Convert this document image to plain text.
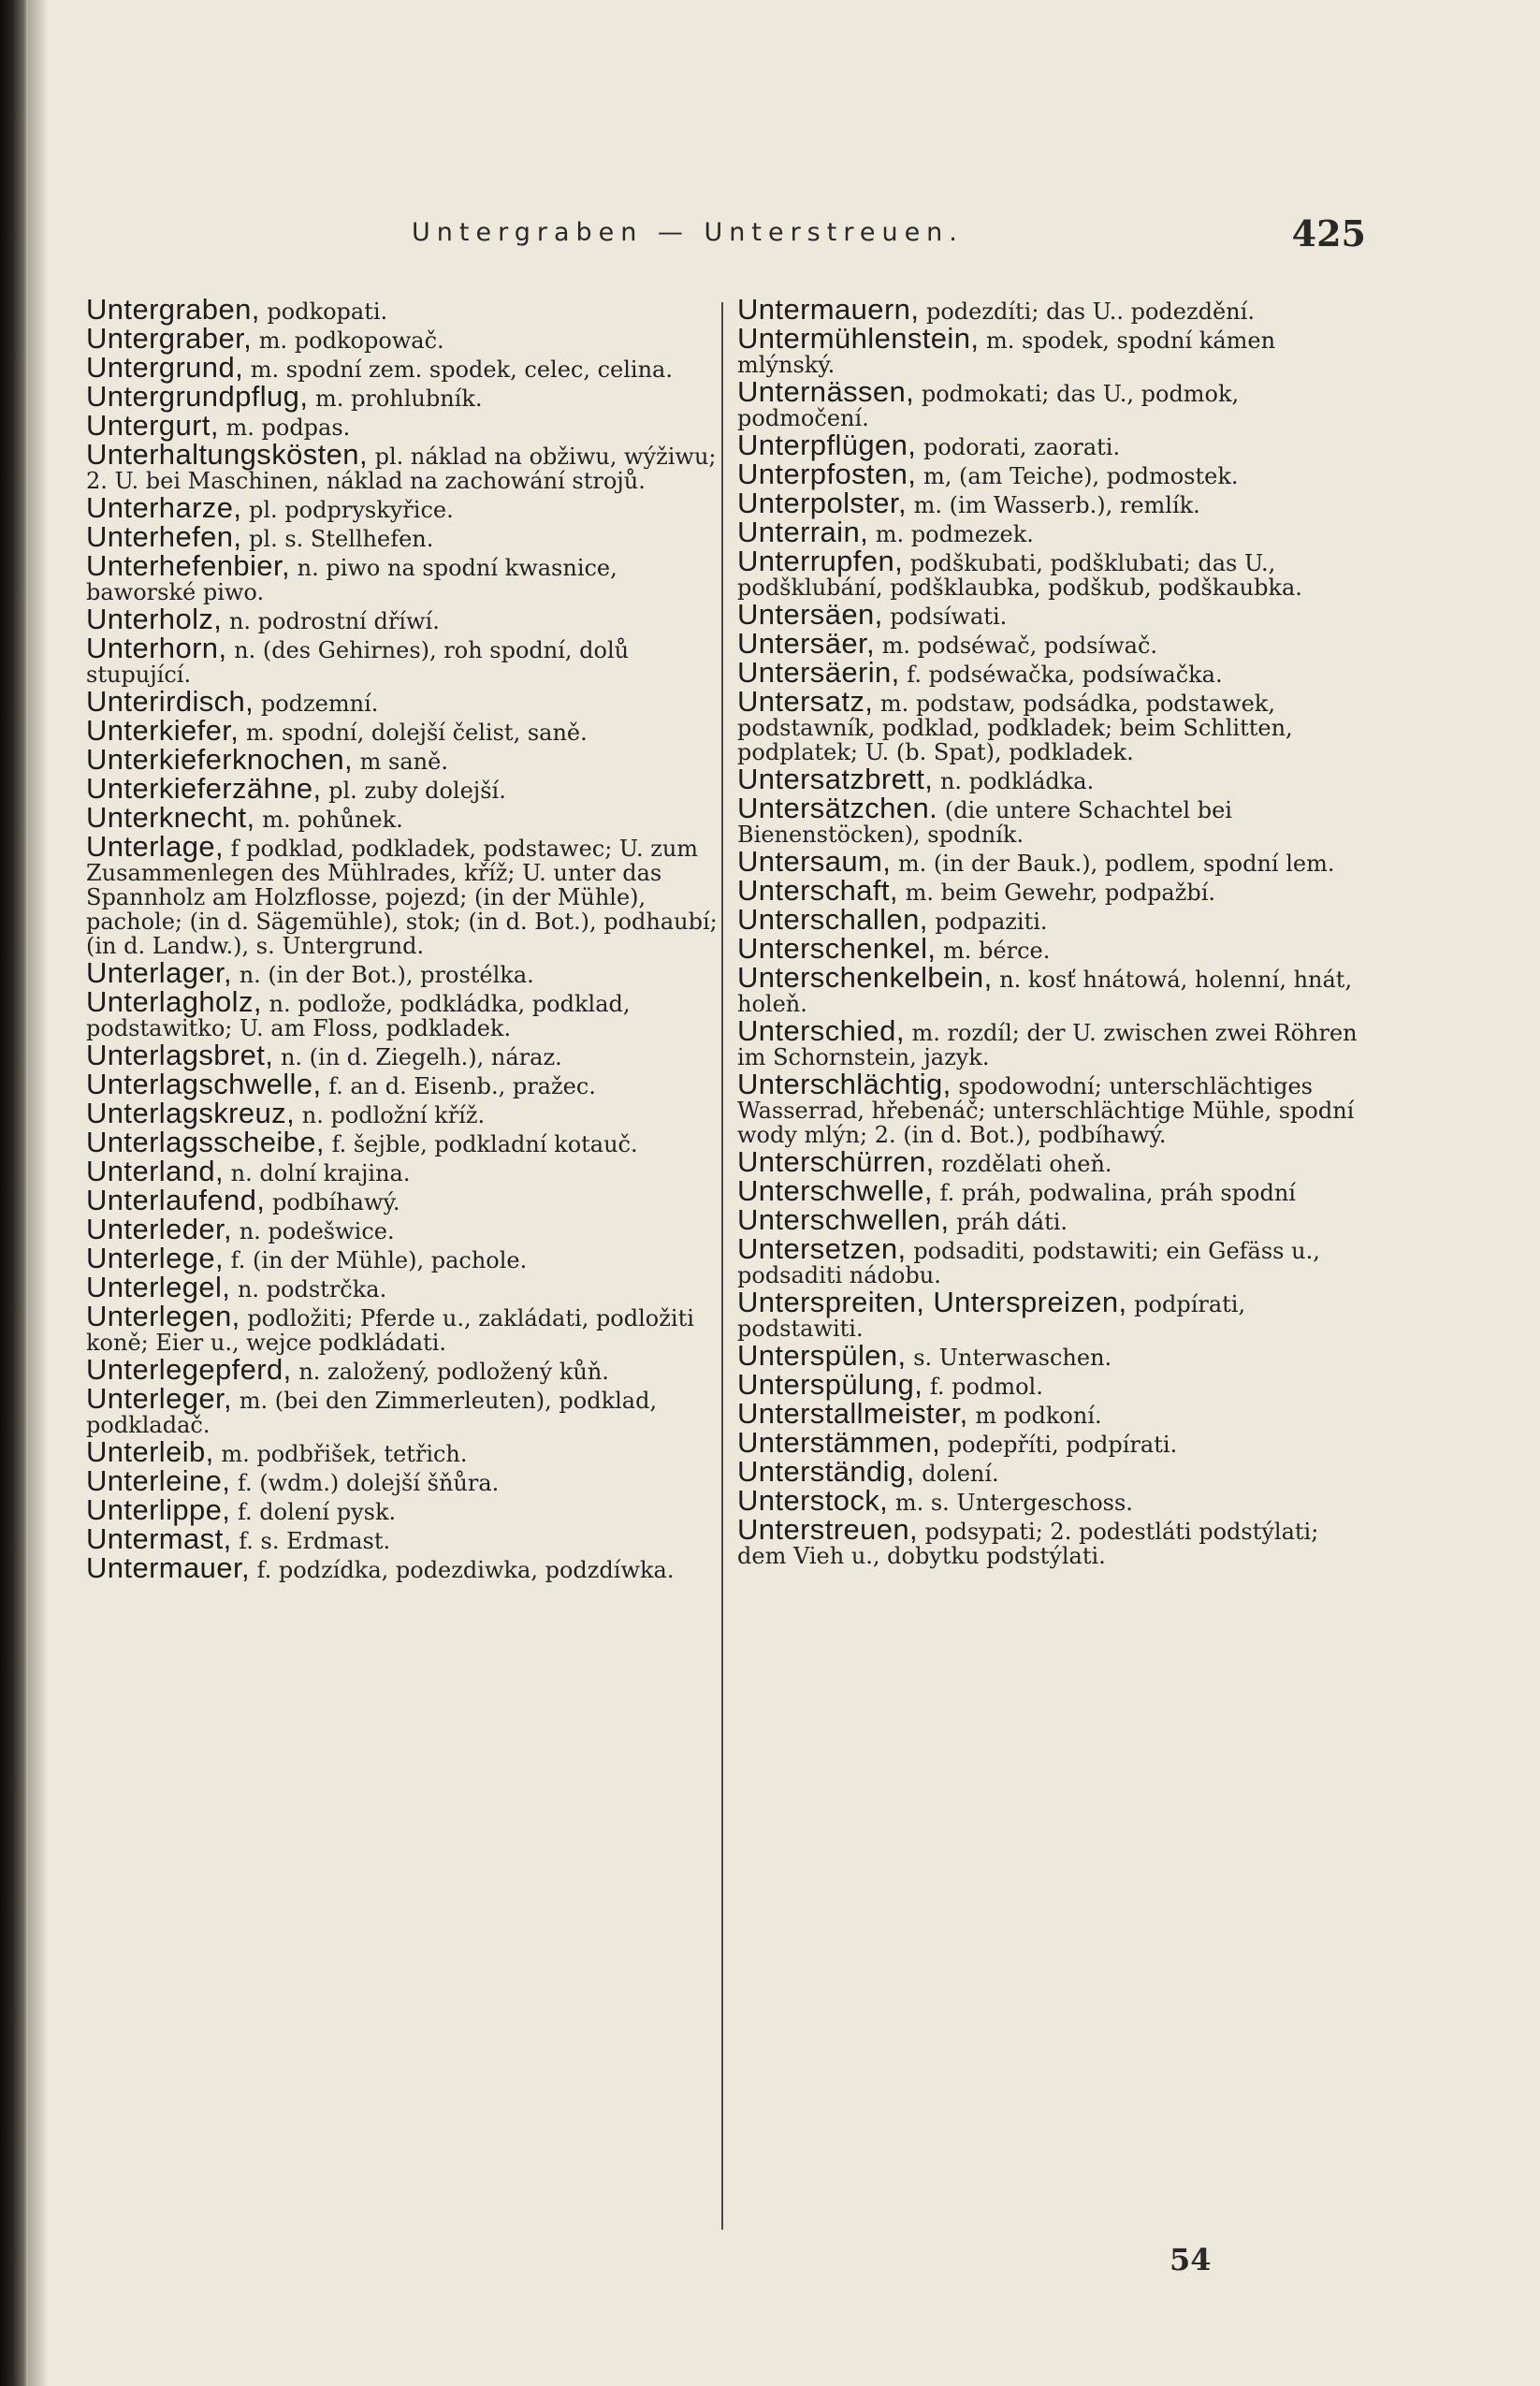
Untergraben — Unterstreuen.	425
Untergraben, podkopati.
Untergraber, m. podkopowač.
Untergrund, m. spodní zem. spodek, celec, celina.
Untergrundpflug, m. prohlubník.
Untergurt, m. podpas.
Unterhaltungskösten, pl. náklad na obžiwu, wýžiwu; 2. U. bei Maschinen, náklad na zachowání strojů.
Unterharze, pl. podpryskyřice.
Unterhefen, pl. s. Stellhefen.
Unterhefenbier, n. piwo na spodní kwasnice, baworské piwo.
Unterholz, n. podrostní dříwí.
Unterhorn, n. (des Gehirnes), roh spodní, dolů stupující.
Unterirdisch, podzemní.
Unterkiefer, m. spodní, dolejší čelist, saně.
Unterkieferknochen, m saně.
Unterkieferzähne, pl. zuby dolejší.
Unterknecht, m. pohůnek.
Unterlage, f podklad, podkladek, podstawec; U. zum Zusammenlegen des Mühlrades, kříž; U. unter das Spannholz am Holzflosse, pojezd; (in der Mühle), pachole; (in d. Sägemühle), stok; (in d. Bot.), podhaubí; (in d. Landw.), s. Untergrund.
Unterlager, n. (in der Bot.), prostélka.
Unterlagholz, n. podlože, podkládka, podklad, podstawitko; U. am Floss, podkladek.
Unterlagsbret, n. (in d. Ziegelh.), náraz.
Unterlagschwelle, f. an d. Eisenb., pražec.
Unterlagskreuz, n. podložní kříž.
Unterlagsscheibe, f. šejble, podkladní kotauč.
Unterland, n. dolní krajina.
Unterlaufend, podbíhawý.
Unterleder, n. podešwice.
Unterlege, f. (in der Mühle), pachole.
Unterlegel, n. podstrčka.
Unterlegen, podložiti; Pferde u., zakládati, podložiti koně; Eier u., wejce podkládati.
Unterlegepferd, n. založený, podložený kůň.
Unterleger, m. (bei den Zimmerleuten), podklad, podkladač.
Unterleib, m. podbřišek, tetřich.
Unterleine, f. (wdm.) dolejší šňůra.
Unterlippe, f. dolení pysk.
Untermast, f. s. Erdmast.
Untermauer, f. podzídka, podezdiwka, podzdíwka.
Untermauern, podezdíti; das U.. podezdění.
Untermühlenstein, m. spodek, spodní kámen mlýnský.
Unternässen, podmokati; das U., podmok, podmočení.
Unterpflügen, podorati, zaorati.
Unterpfosten, m, (am Teiche), podmostek.
Unterpolster, m. (im Wasserb.), remlík.
Unterrain, m. podmezek.
Unterrupfen, podškubati, podšklubati; das U., podšklubání, podšklaubka, podškub, podškaubka.
Untersäen, podsíwati.
Untersäer, m. podséwač, podsíwač.
Untersäerin, f. podséwačka, podsíwačka.
Untersatz, m. podstaw, podsádka, podstawek, podstawník, podklad, podkladek; beim Schlitten, podplatek; U. (b. Spat), podkladek.
Untersatzbrett, n. podkládka.
Untersätzchen. (die untere Schachtel bei Bienenstöcken), spodník.
Untersaum, m. (in der Bauk.), podlem, spodní lem.
Unterschaft, m. beim Gewehr, podpažbí.
Unterschallen, podpaziti.
Unterschenkel, m. bérce.
Unterschenkelbein, n. kosť hnátowá, holenní, hnát, holeň.
Unterschied, m. rozdíl; der U. zwischen zwei Röhren im Schornstein, jazyk.
Unterschlächtig, spodowodní; unterschlächtiges Wasserrad, hřebenáč; unterschlächtige Mühle, spodní wody mlýn; 2. (in d. Bot.), podbíhawý.
Unterschürren, rozdělati oheň.
Unterschwelle, f. práh, podwalina, práh spodní
Unterschwellen, práh dáti.
Untersetzen, podsaditi, podstawiti; ein Gefäss u., podsaditi nádobu.
Unterspreiten, Unterspreizen, podpírati, podstawiti.
Unterspülen, s. Unterwaschen.
Unterspülung, f. podmol.
Unterstallmeister, m podkoní.
Unterstämmen, podepříti, podpírati.
Unterständig, dolení.
Unterstock, m. s. Untergeschoss.
Unterstreuen, podsypati; 2. podestláti podstýlati; dem Vieh u., dobytku podstýlati.
54
